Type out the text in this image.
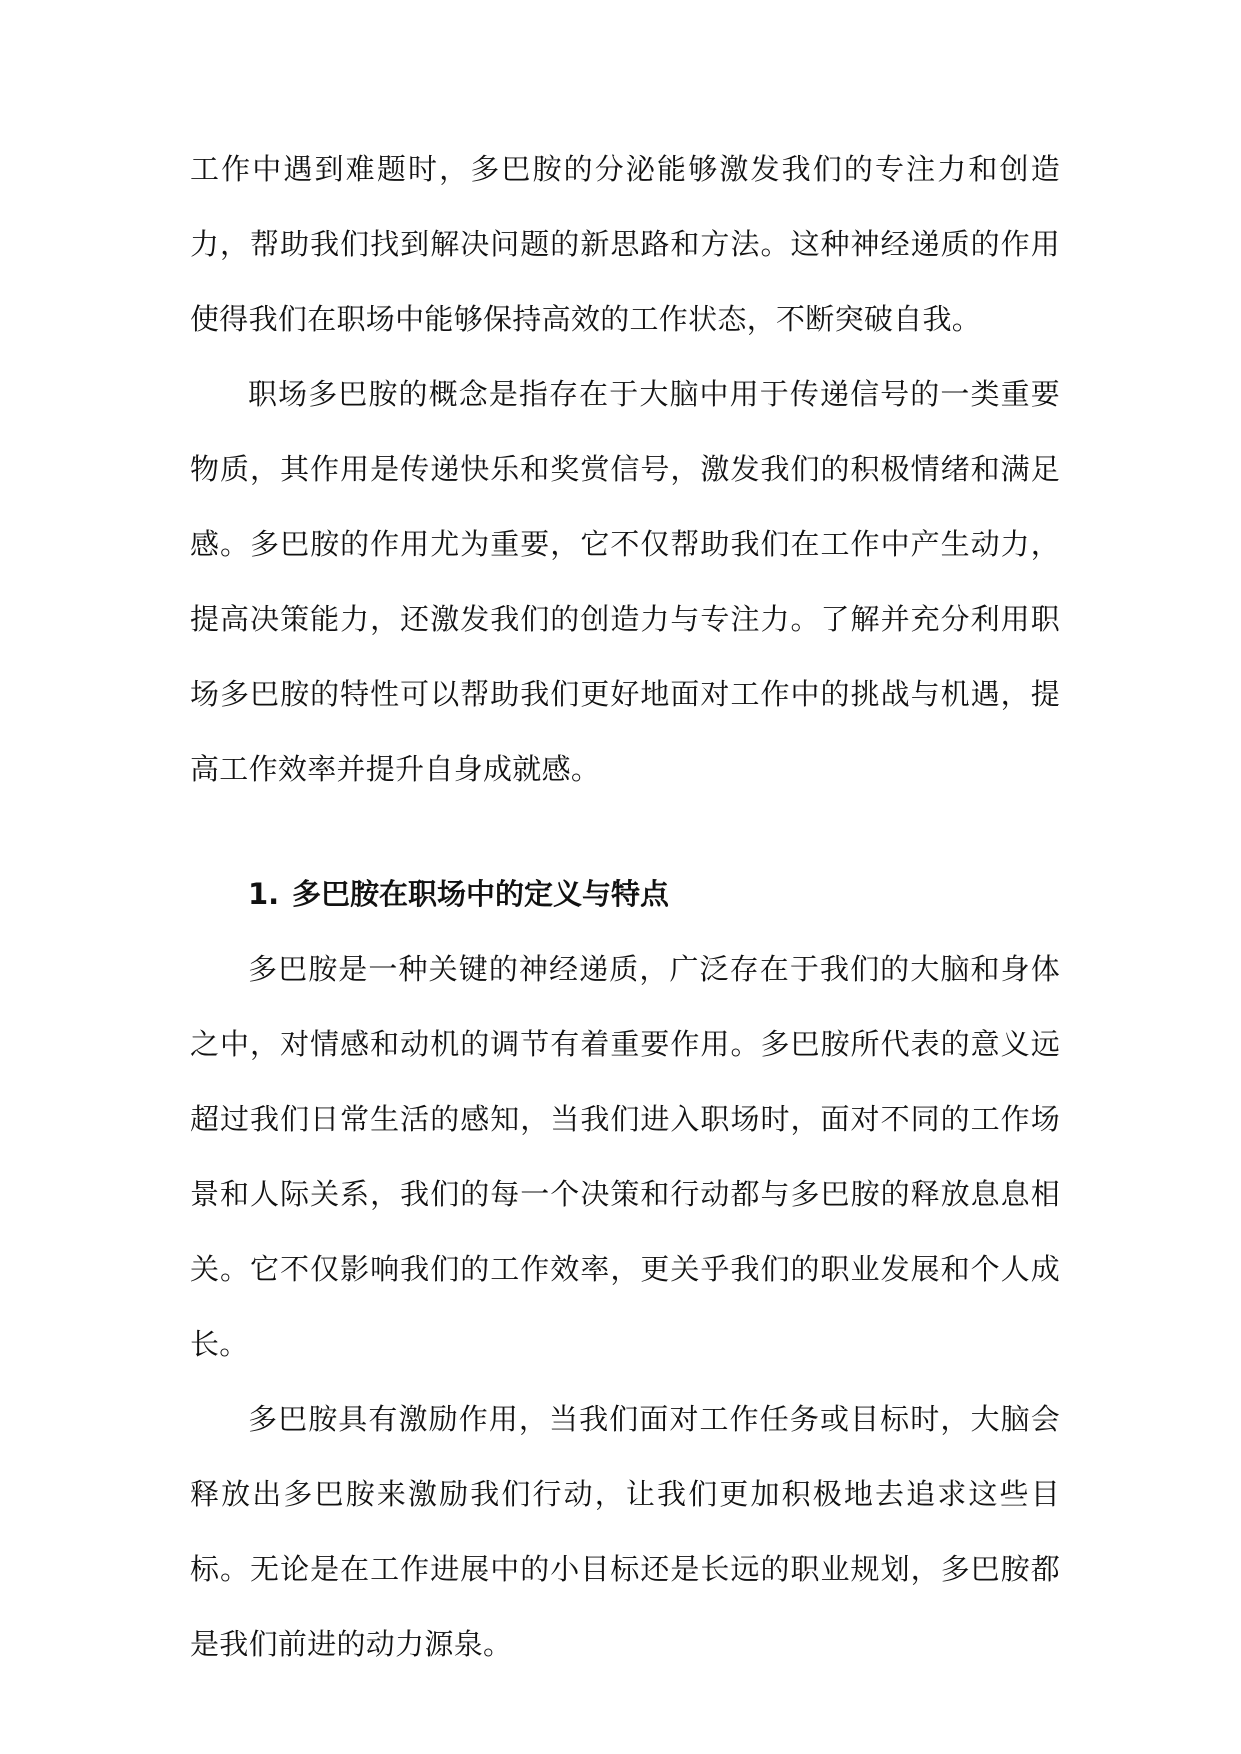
工作中遇到难题时，多巴胺的分泌能够激发我们的专注力和创造力，帮助我们找到解决问题的新思路和方法。这种神经递质的作用使得我们在职场中能够保持高效的工作状态，不断突破自我。

职场多巴胺的概念是指存在于大脑中用于传递信号的一类重要物质，其作用是传递快乐和奖赏信号，激发我们的积极情绪和满足感。多巴胺的作用尤为重要，它不仅帮助我们在工作中产生动力，提高决策能力，还激发我们的创造力与专注力。了解并充分利用职场多巴胺的特性可以帮助我们更好地面对工作中的挑战与机遇，提高工作效率并提升自身成就感。

1. 多巴胺在职场中的定义与特点

多巴胺是一种关键的神经递质，广泛存在于我们的大脑和身体之中，对情感和动机的调节有着重要作用。多巴胺所代表的意义远超过我们日常生活的感知，当我们进入职场时，面对不同的工作场景和人际关系，我们的每一个决策和行动都与多巴胺的释放息息相关。它不仅影响我们的工作效率，更关乎我们的职业发展和个人成长。

多巴胺具有激励作用，当我们面对工作任务或目标时，大脑会释放出多巴胺来激励我们行动，让我们更加积极地去追求这些目标。无论是在工作进展中的小目标还是长远的职业规划，多巴胺都是我们前进的动力源泉。
